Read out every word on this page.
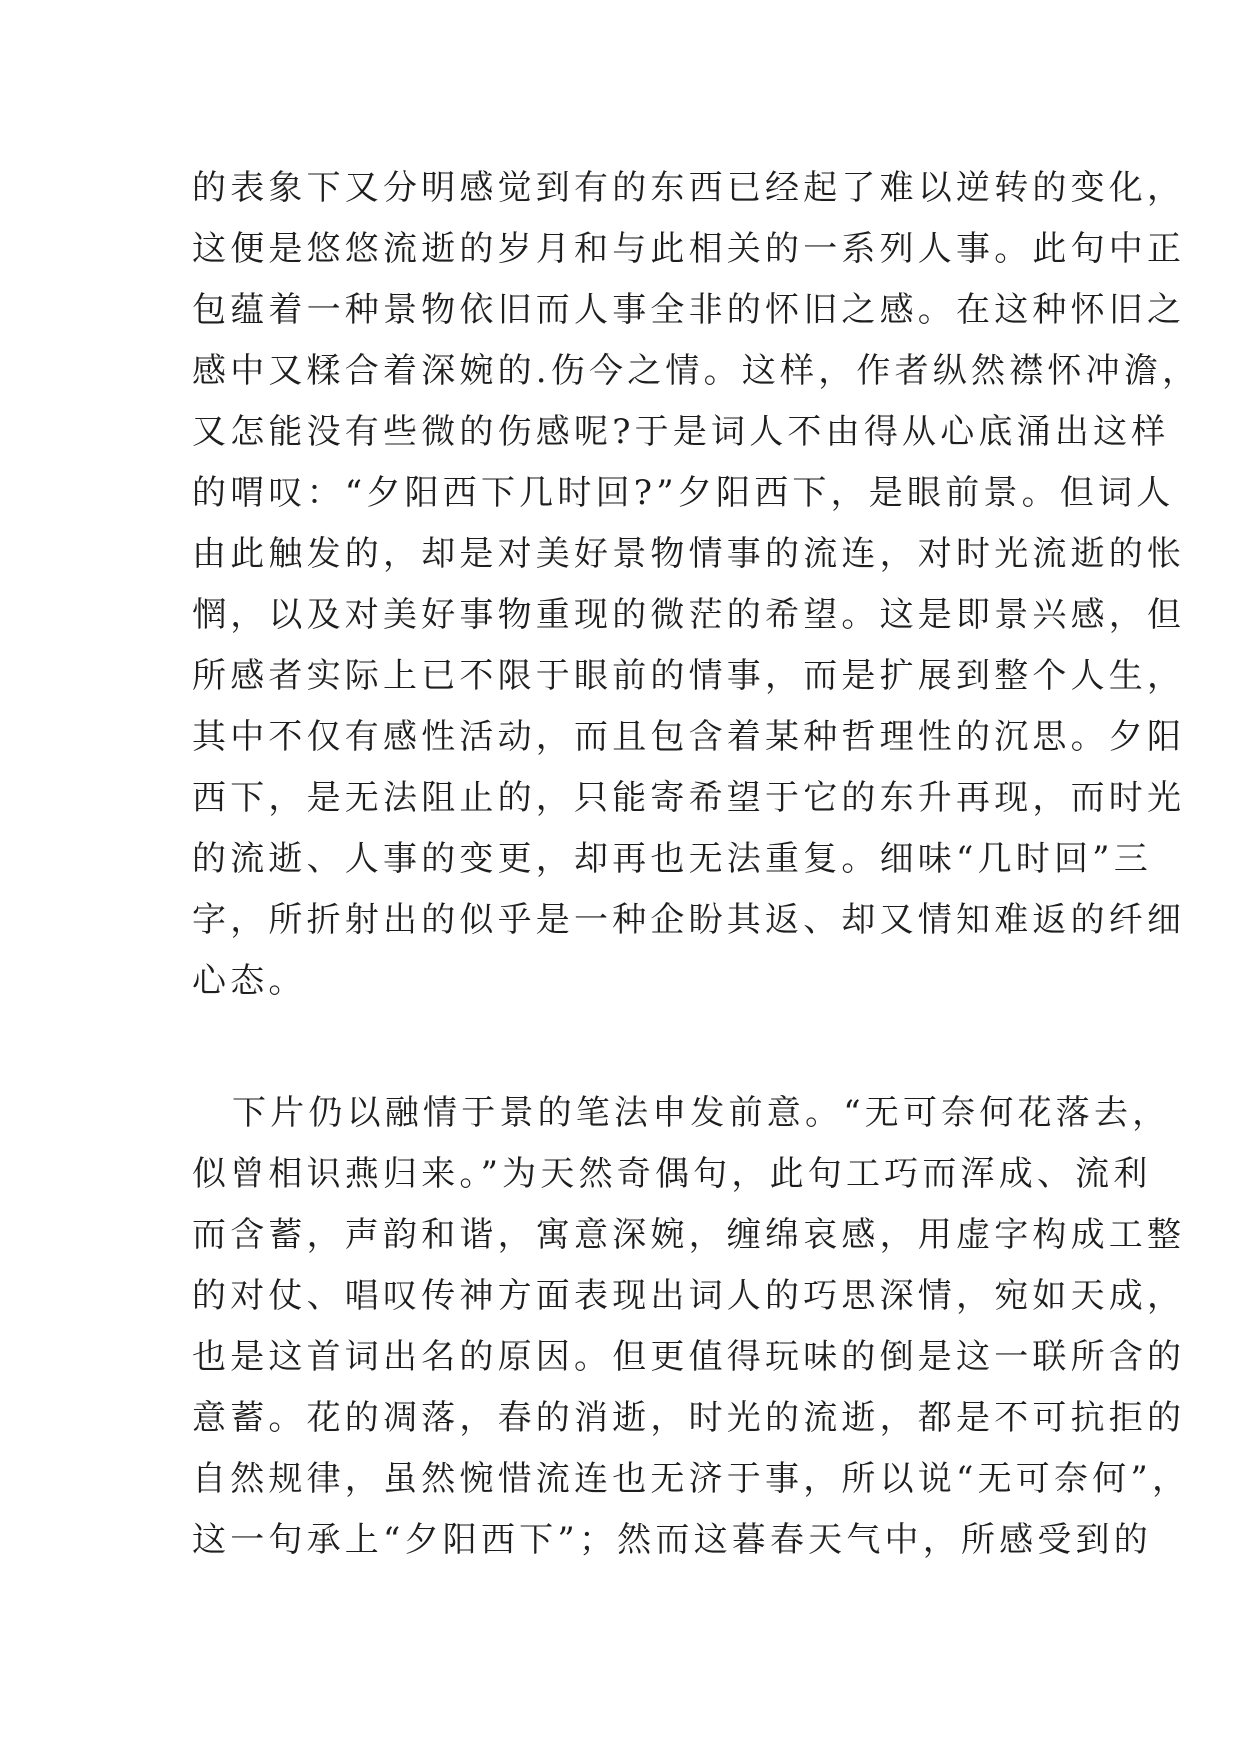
的表象下又分明感觉到有的东西已经起了难以逆转的变化，
这便是悠悠流逝的岁月和与此相关的一系列人事。此句中正
包蕴着一种景物依旧而人事全非的怀旧之感。在这种怀旧之
感中又糅合着深婉的.伤今之情。这样，作者纵然襟怀冲澹，
又怎能没有些微的伤感呢?于是词人不由得从心底涌出这样
的喟叹：“夕阳西下几时回?”夕阳西下，是眼前景。但词人
由此触发的，却是对美好景物情事的流连，对时光流逝的怅
惘，以及对美好事物重现的微茫的希望。这是即景兴感，但
所感者实际上已不限于眼前的情事，而是扩展到整个人生，
其中不仅有感性活动，而且包含着某种哲理性的沉思。夕阳
西下，是无法阻止的，只能寄希望于它的东升再现，而时光
的流逝、人事的变更，却再也无法重复。细味“几时回”三
字，所折射出的似乎是一种企盼其返、却又情知难返的纤细
心态。
下片仍以融情于景的笔法申发前意。“无可奈何花落去，
似曾相识燕归来。”为天然奇偶句，此句工巧而浑成、流利
而含蓄，声韵和谐，寓意深婉，缠绵哀感，用虚字构成工整
的对仗、唱叹传神方面表现出词人的巧思深情，宛如天成，
也是这首词出名的原因。但更值得玩味的倒是这一联所含的
意蓄。花的凋落，春的消逝，时光的流逝，都是不可抗拒的
自然规律，虽然惋惜流连也无济于事，所以说“无可奈何”，
这一句承上“夕阳西下”；然而这暮春天气中，所感受到的
